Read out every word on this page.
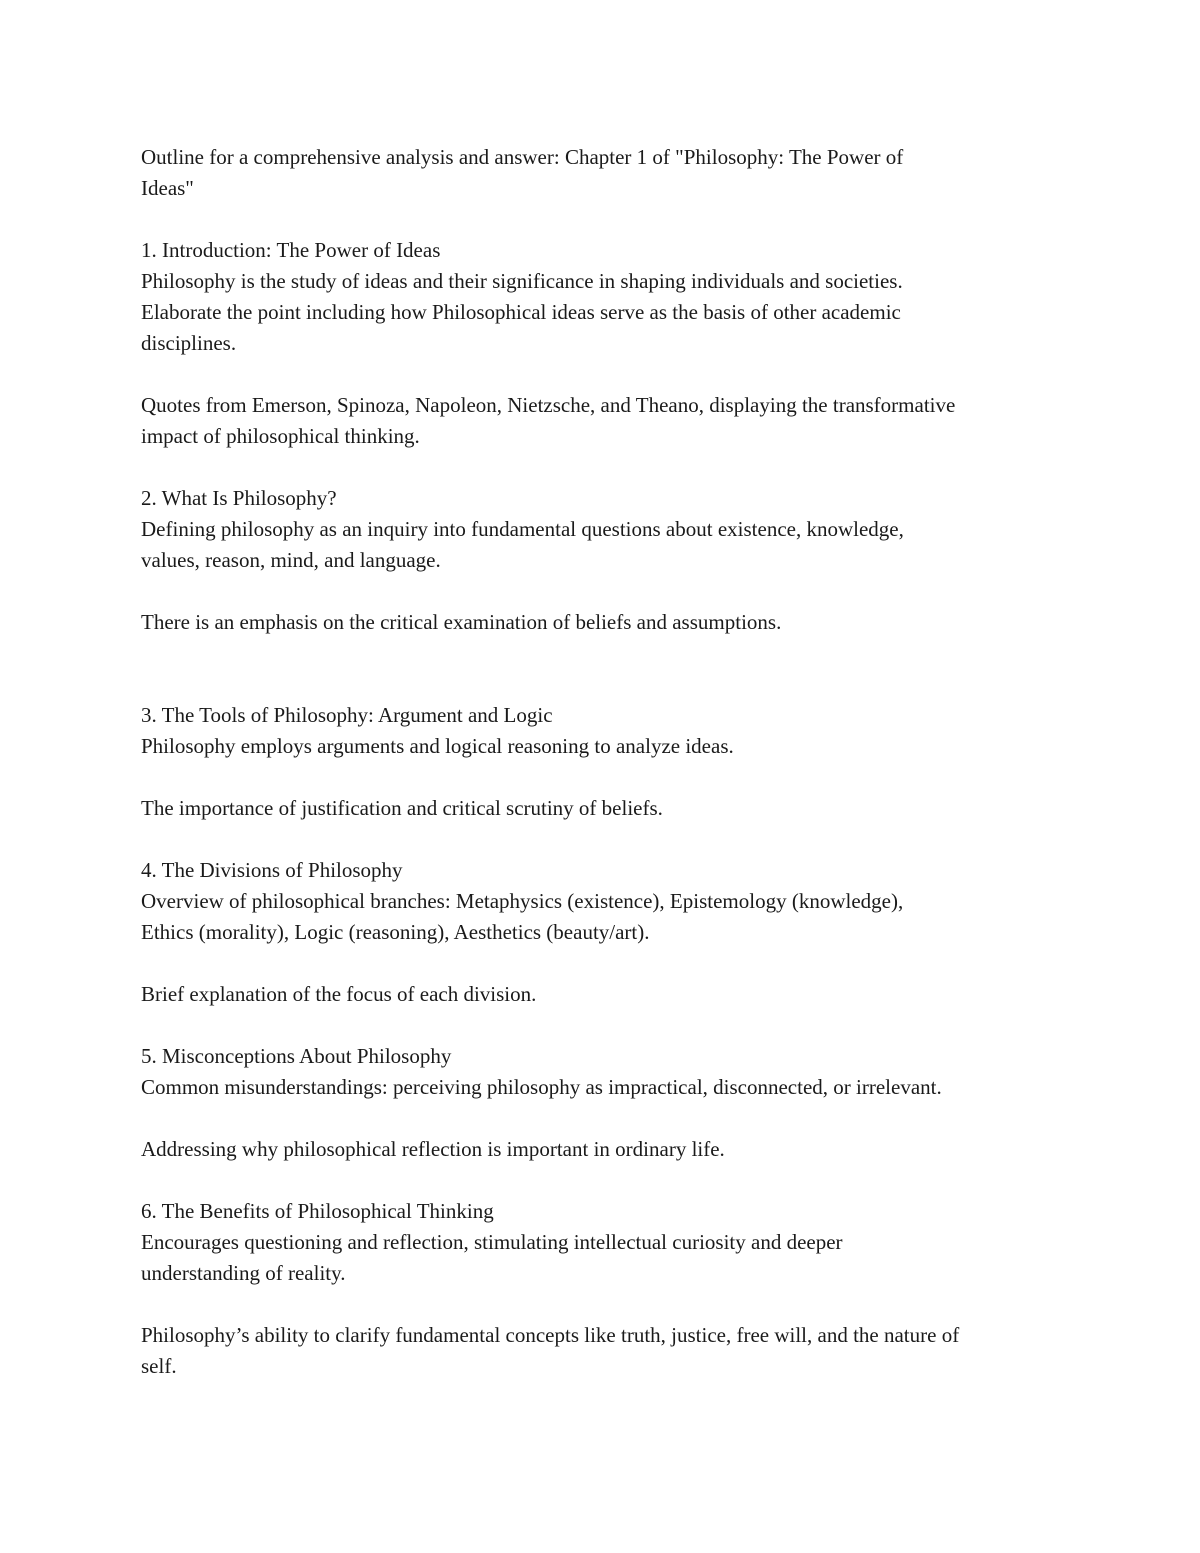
Outline for a comprehensive analysis and answer: Chapter 1 of "Philosophy: The Power of
Ideas"
1. Introduction: The Power of Ideas
Philosophy is the study of ideas and their significance in shaping individuals and societies.
Elaborate the point including how Philosophical ideas serve as the basis of other academic
disciplines.
Quotes from Emerson, Spinoza, Napoleon, Nietzsche, and Theano, displaying the transformative
impact of philosophical thinking.
2. What Is Philosophy?
Defining philosophy as an inquiry into fundamental questions about existence, knowledge,
values, reason, mind, and language.
There is an emphasis on the critical examination of beliefs and assumptions.
3. The Tools of Philosophy: Argument and Logic
Philosophy employs arguments and logical reasoning to analyze ideas.
The importance of justification and critical scrutiny of beliefs.
4. The Divisions of Philosophy
Overview of philosophical branches: Metaphysics (existence), Epistemology (knowledge),
Ethics (morality), Logic (reasoning), Aesthetics (beauty/art).
Brief explanation of the focus of each division.
5. Misconceptions About Philosophy
Common misunderstandings: perceiving philosophy as impractical, disconnected, or irrelevant.
Addressing why philosophical reflection is important in ordinary life.
6. The Benefits of Philosophical Thinking
Encourages questioning and reflection, stimulating intellectual curiosity and deeper
understanding of reality.
Philosophy’s ability to clarify fundamental concepts like truth, justice, free will, and the nature of
self.
